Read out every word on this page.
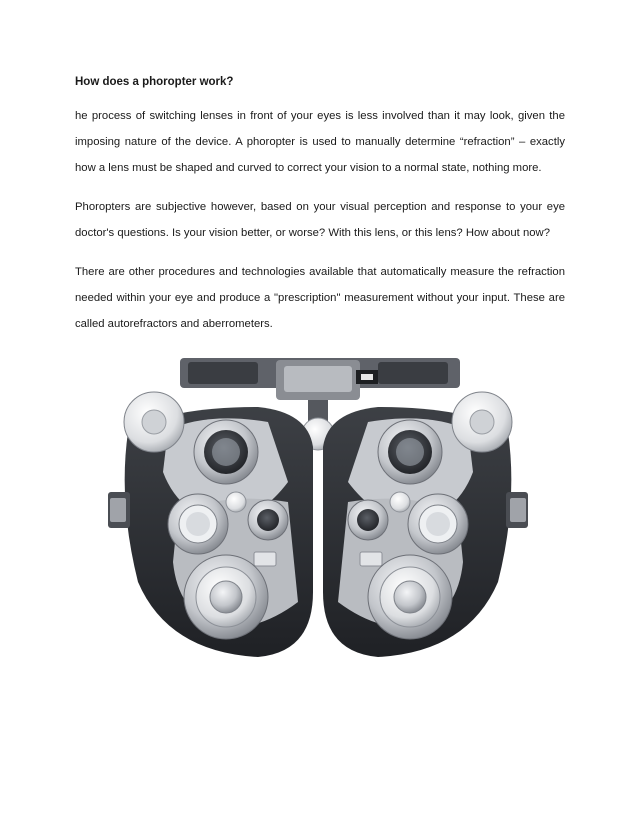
How does a phoropter work?

he process of switching lenses in front of your eyes is less involved than it may look, given the imposing nature of the device. A phoropter is used to manually determine “refraction” – exactly how a lens must be shaped and curved to correct your vision to a normal state, nothing more.

Phoropters are subjective however, based on your visual perception and response to your eye doctor's questions. Is your vision better, or worse? With this lens, or this lens? How about now?

There are other procedures and technologies available that automatically measure the refraction needed within your eye and produce a "prescription" measurement without your input. These are called autorefractors and aberrometers.
